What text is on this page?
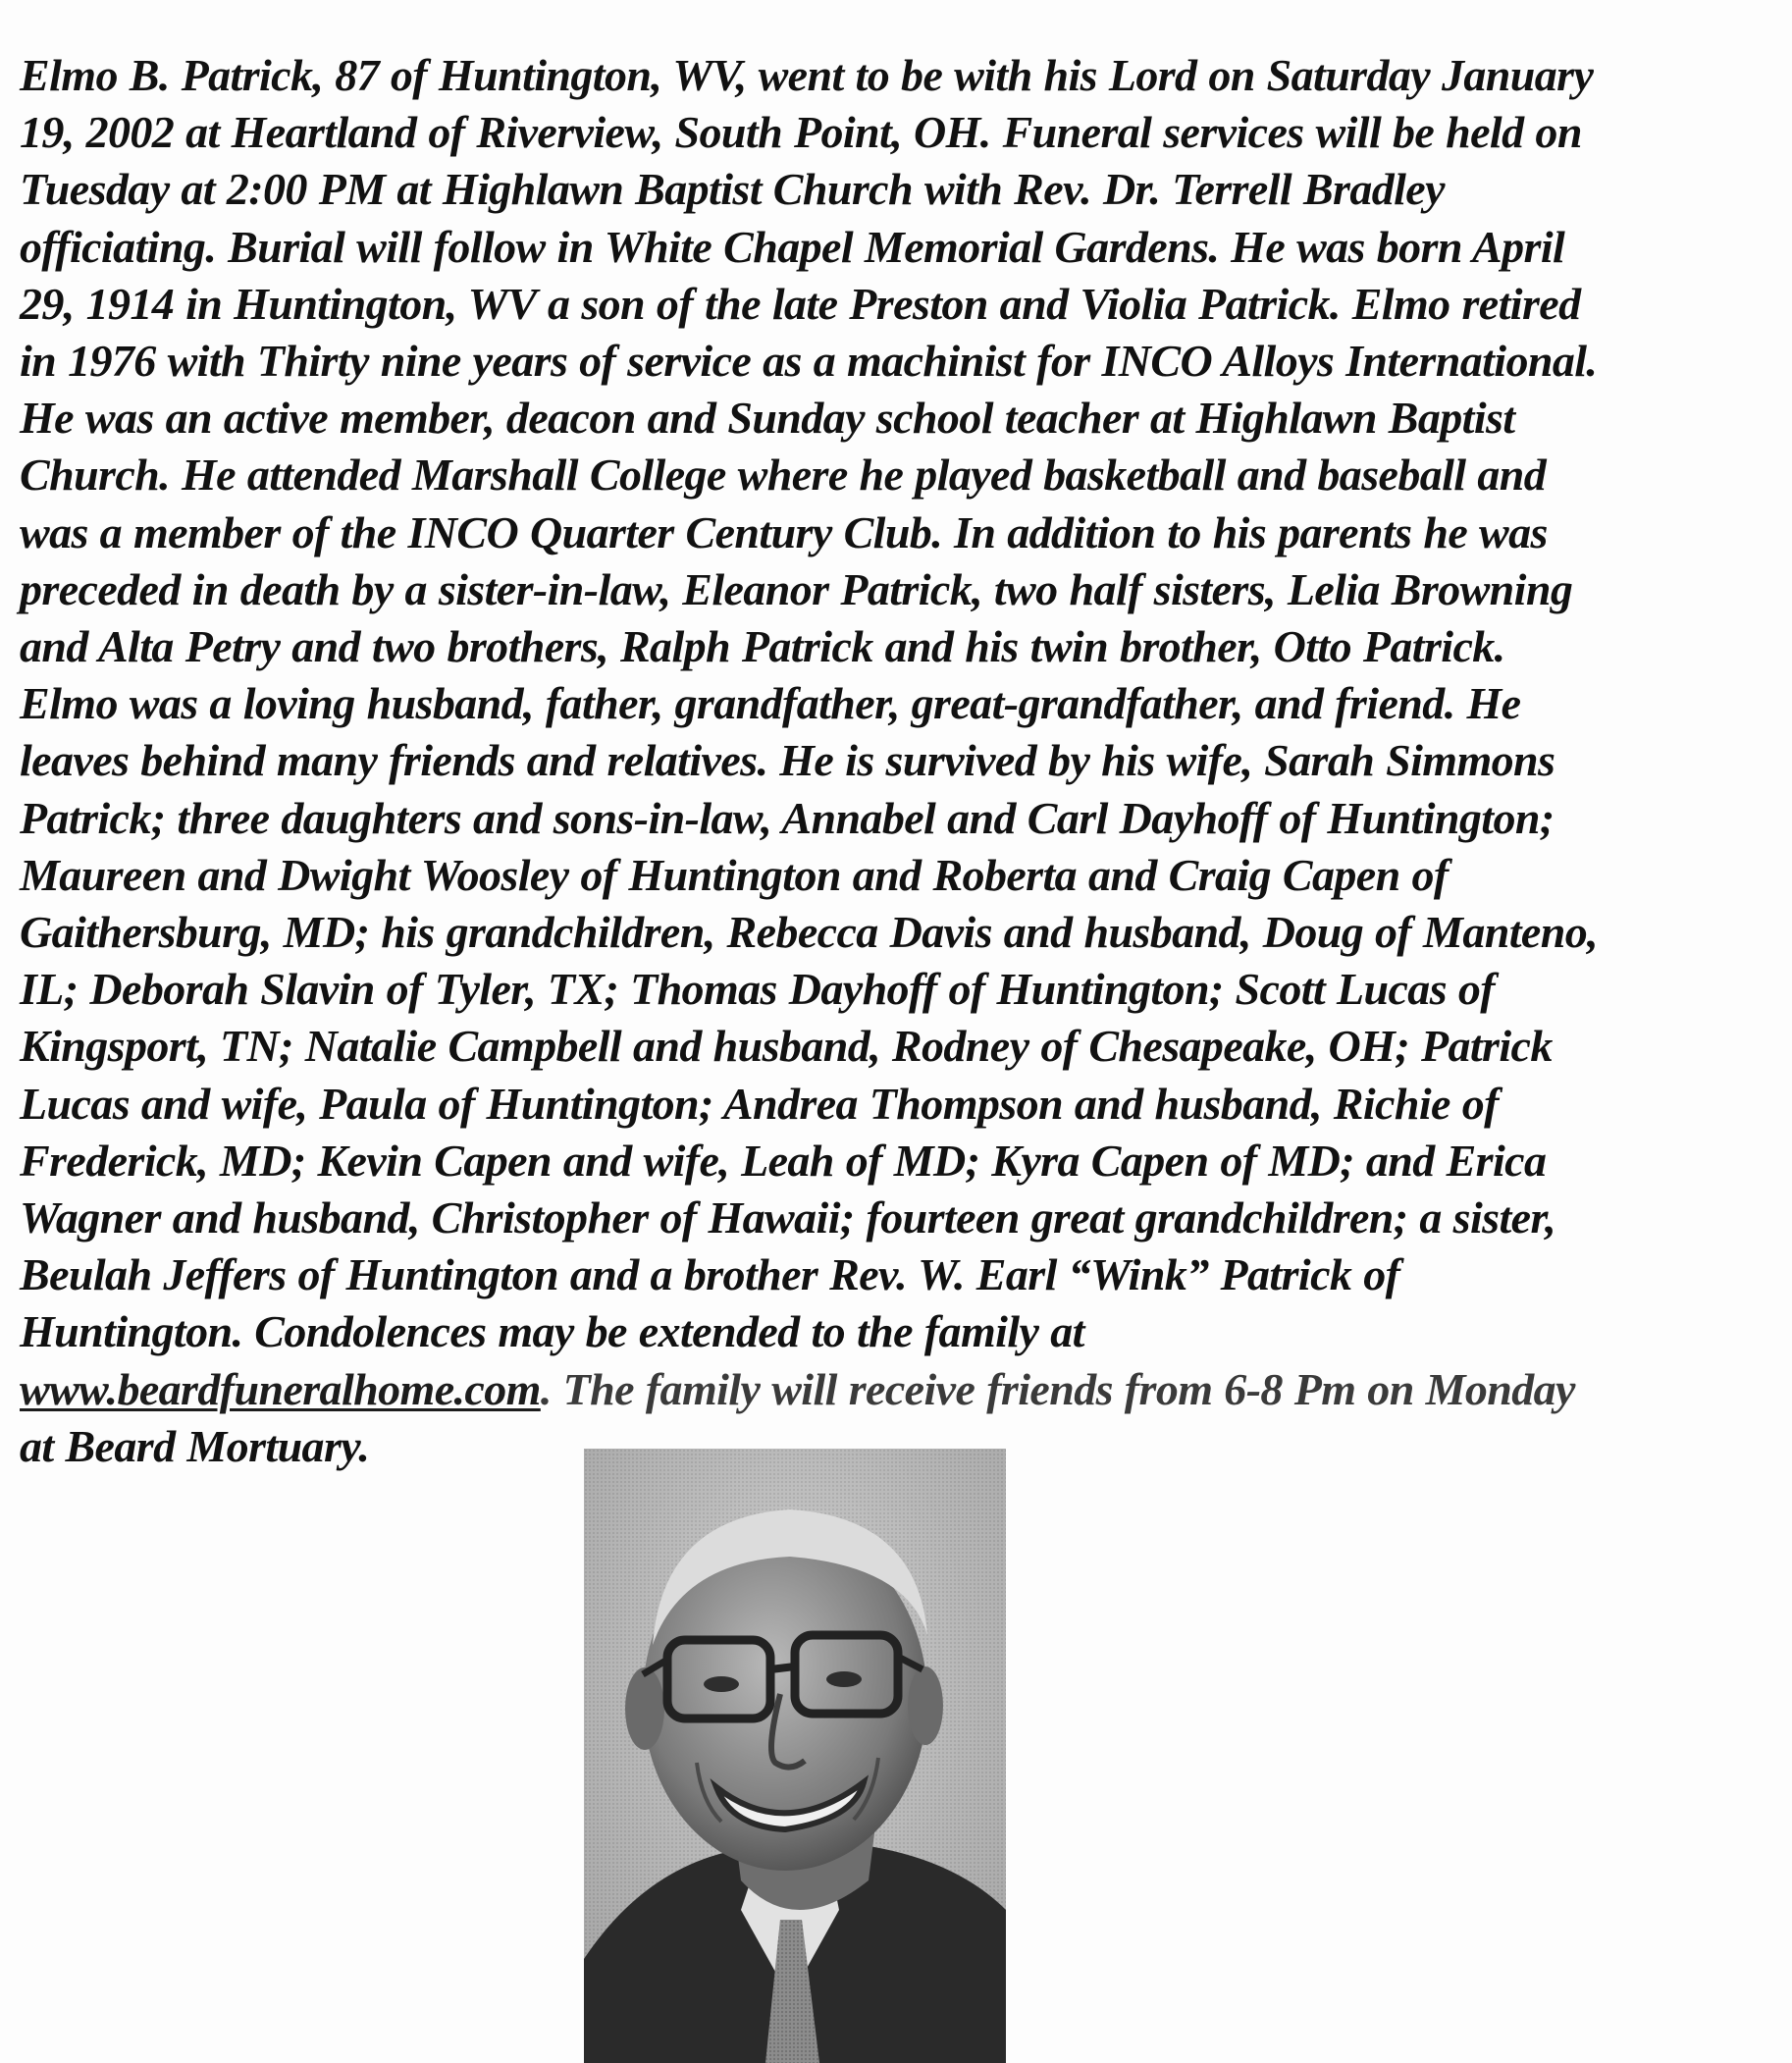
Elmo B. Patrick, 87 of Huntington, WV, went to be with his Lord on Saturday January
19, 2002 at Heartland of Riverview, South Point, OH. Funeral services will be held on
Tuesday at 2:00 PM at Highlawn Baptist Church with Rev. Dr. Terrell Bradley
officiating. Burial will follow in White Chapel Memorial Gardens. He was born April
29, 1914 in Huntington, WV a son of the late Preston and Violia Patrick. Elmo retired
in 1976 with Thirty nine years of service as a machinist for INCO Alloys International.
He was an active member, deacon and Sunday school teacher at Highlawn Baptist
Church. He attended Marshall College where he played basketball and baseball and
was a member of the INCO Quarter Century Club. In addition to his parents he was
preceded in death by a sister-in-law, Eleanor Patrick, two half sisters, Lelia Browning
and Alta Petry and two brothers, Ralph Patrick and his twin brother, Otto Patrick.
Elmo was a loving husband, father, grandfather, great-grandfather, and friend. He
leaves behind many friends and relatives. He is survived by his wife, Sarah Simmons
Patrick; three daughters and sons-in-law, Annabel and Carl Dayhoff of Huntington;
Maureen and Dwight Woosley of Huntington and Roberta and Craig Capen of
Gaithersburg, MD; his grandchildren, Rebecca Davis and husband, Doug of Manteno,
IL; Deborah Slavin of Tyler, TX; Thomas Dayhoff of Huntington; Scott Lucas of
Kingsport, TN; Natalie Campbell and husband, Rodney of Chesapeake, OH; Patrick
Lucas and wife, Paula of Huntington; Andrea Thompson and husband, Richie of
Frederick, MD; Kevin Capen and wife, Leah of MD; Kyra Capen of MD; and Erica
Wagner and husband, Christopher of Hawaii; fourteen great grandchildren; a sister,
Beulah Jeffers of Huntington and a brother Rev. W. Earl “Wink” Patrick of
Huntington. Condolences may be extended to the family at
www.beardfuneralhome.com. The family will receive friends from 6-8 Pm on Monday
at Beard Mortuary.
